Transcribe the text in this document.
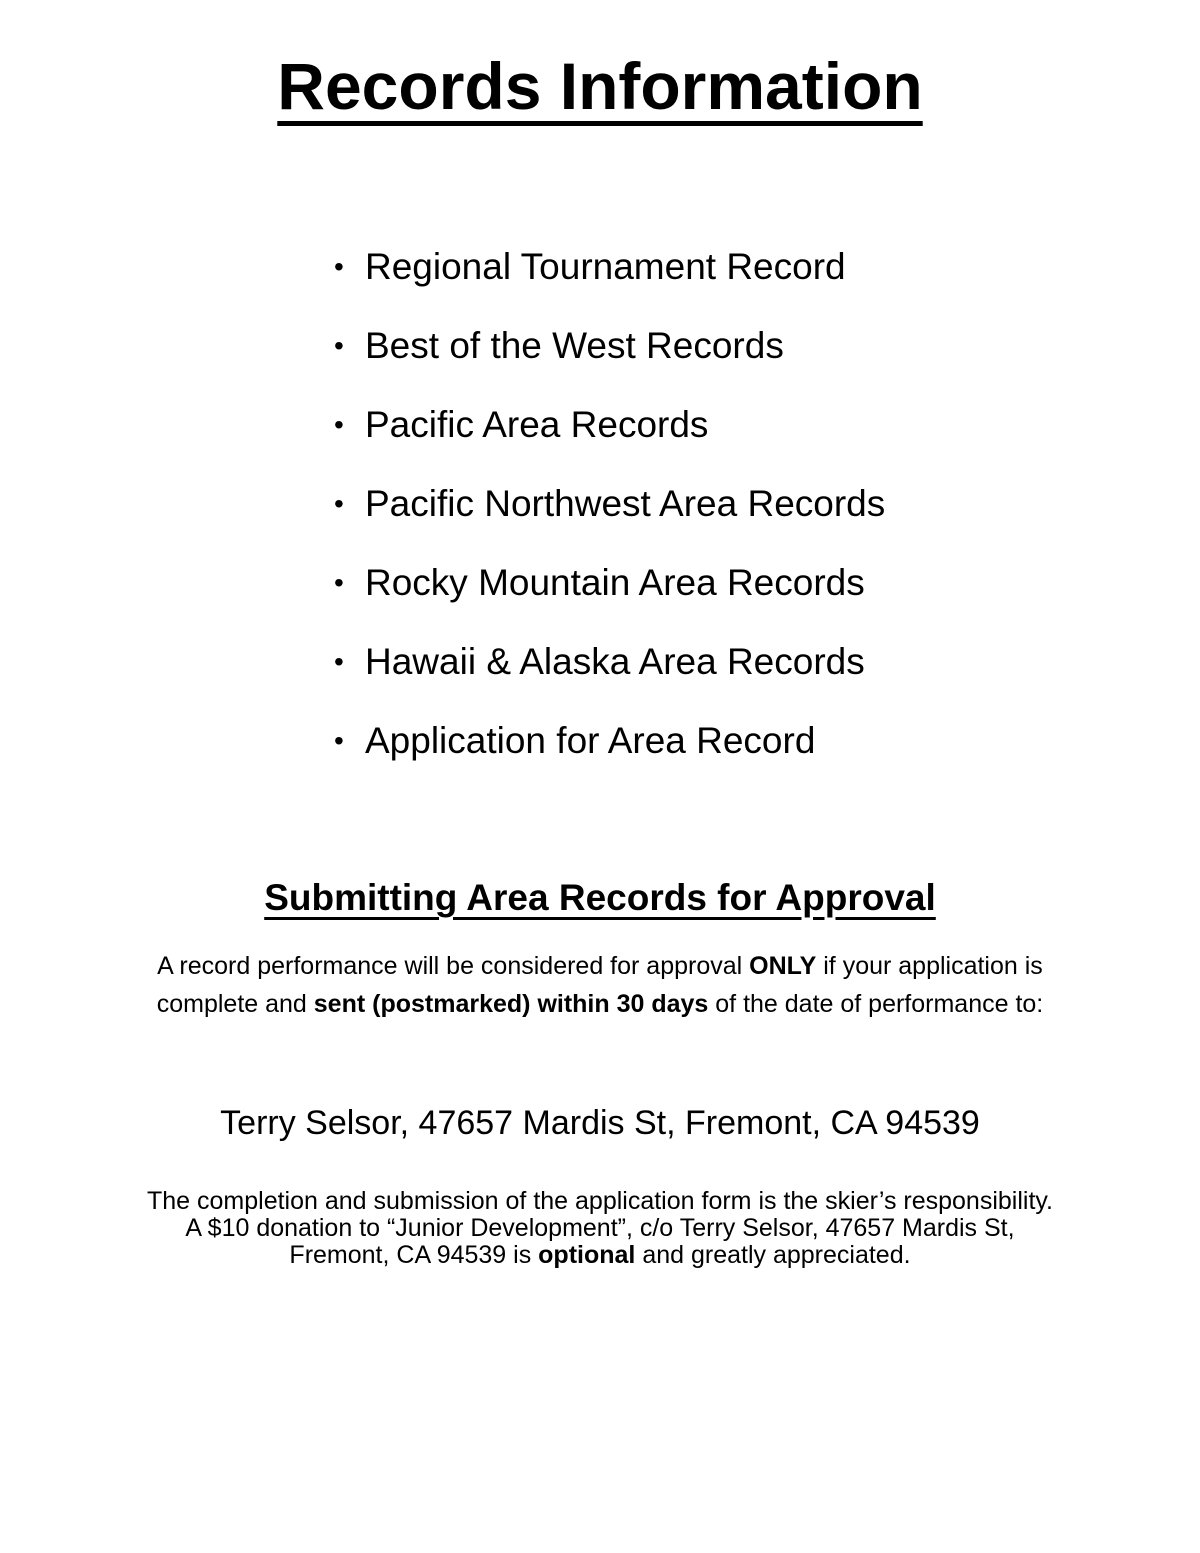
Records Information
• Regional Tournament Record
• Best of the West Records
• Pacific Area Records
• Pacific Northwest Area Records
• Rocky Mountain Area Records
• Hawaii & Alaska Area Records
• Application for Area Record
Submitting Area Records for Approval

A record performance will be considered for approval ONLY if your application is complete and sent (postmarked) within 30 days of the date of performance to:

Terry Selsor, 47657 Mardis St, Fremont, CA 94539

The completion and submission of the application form is the skier’s responsibility. A $10 donation to “Junior Development”, c/o Terry Selsor, 47657 Mardis St, Fremont, CA 94539 is optional and greatly appreciated.
